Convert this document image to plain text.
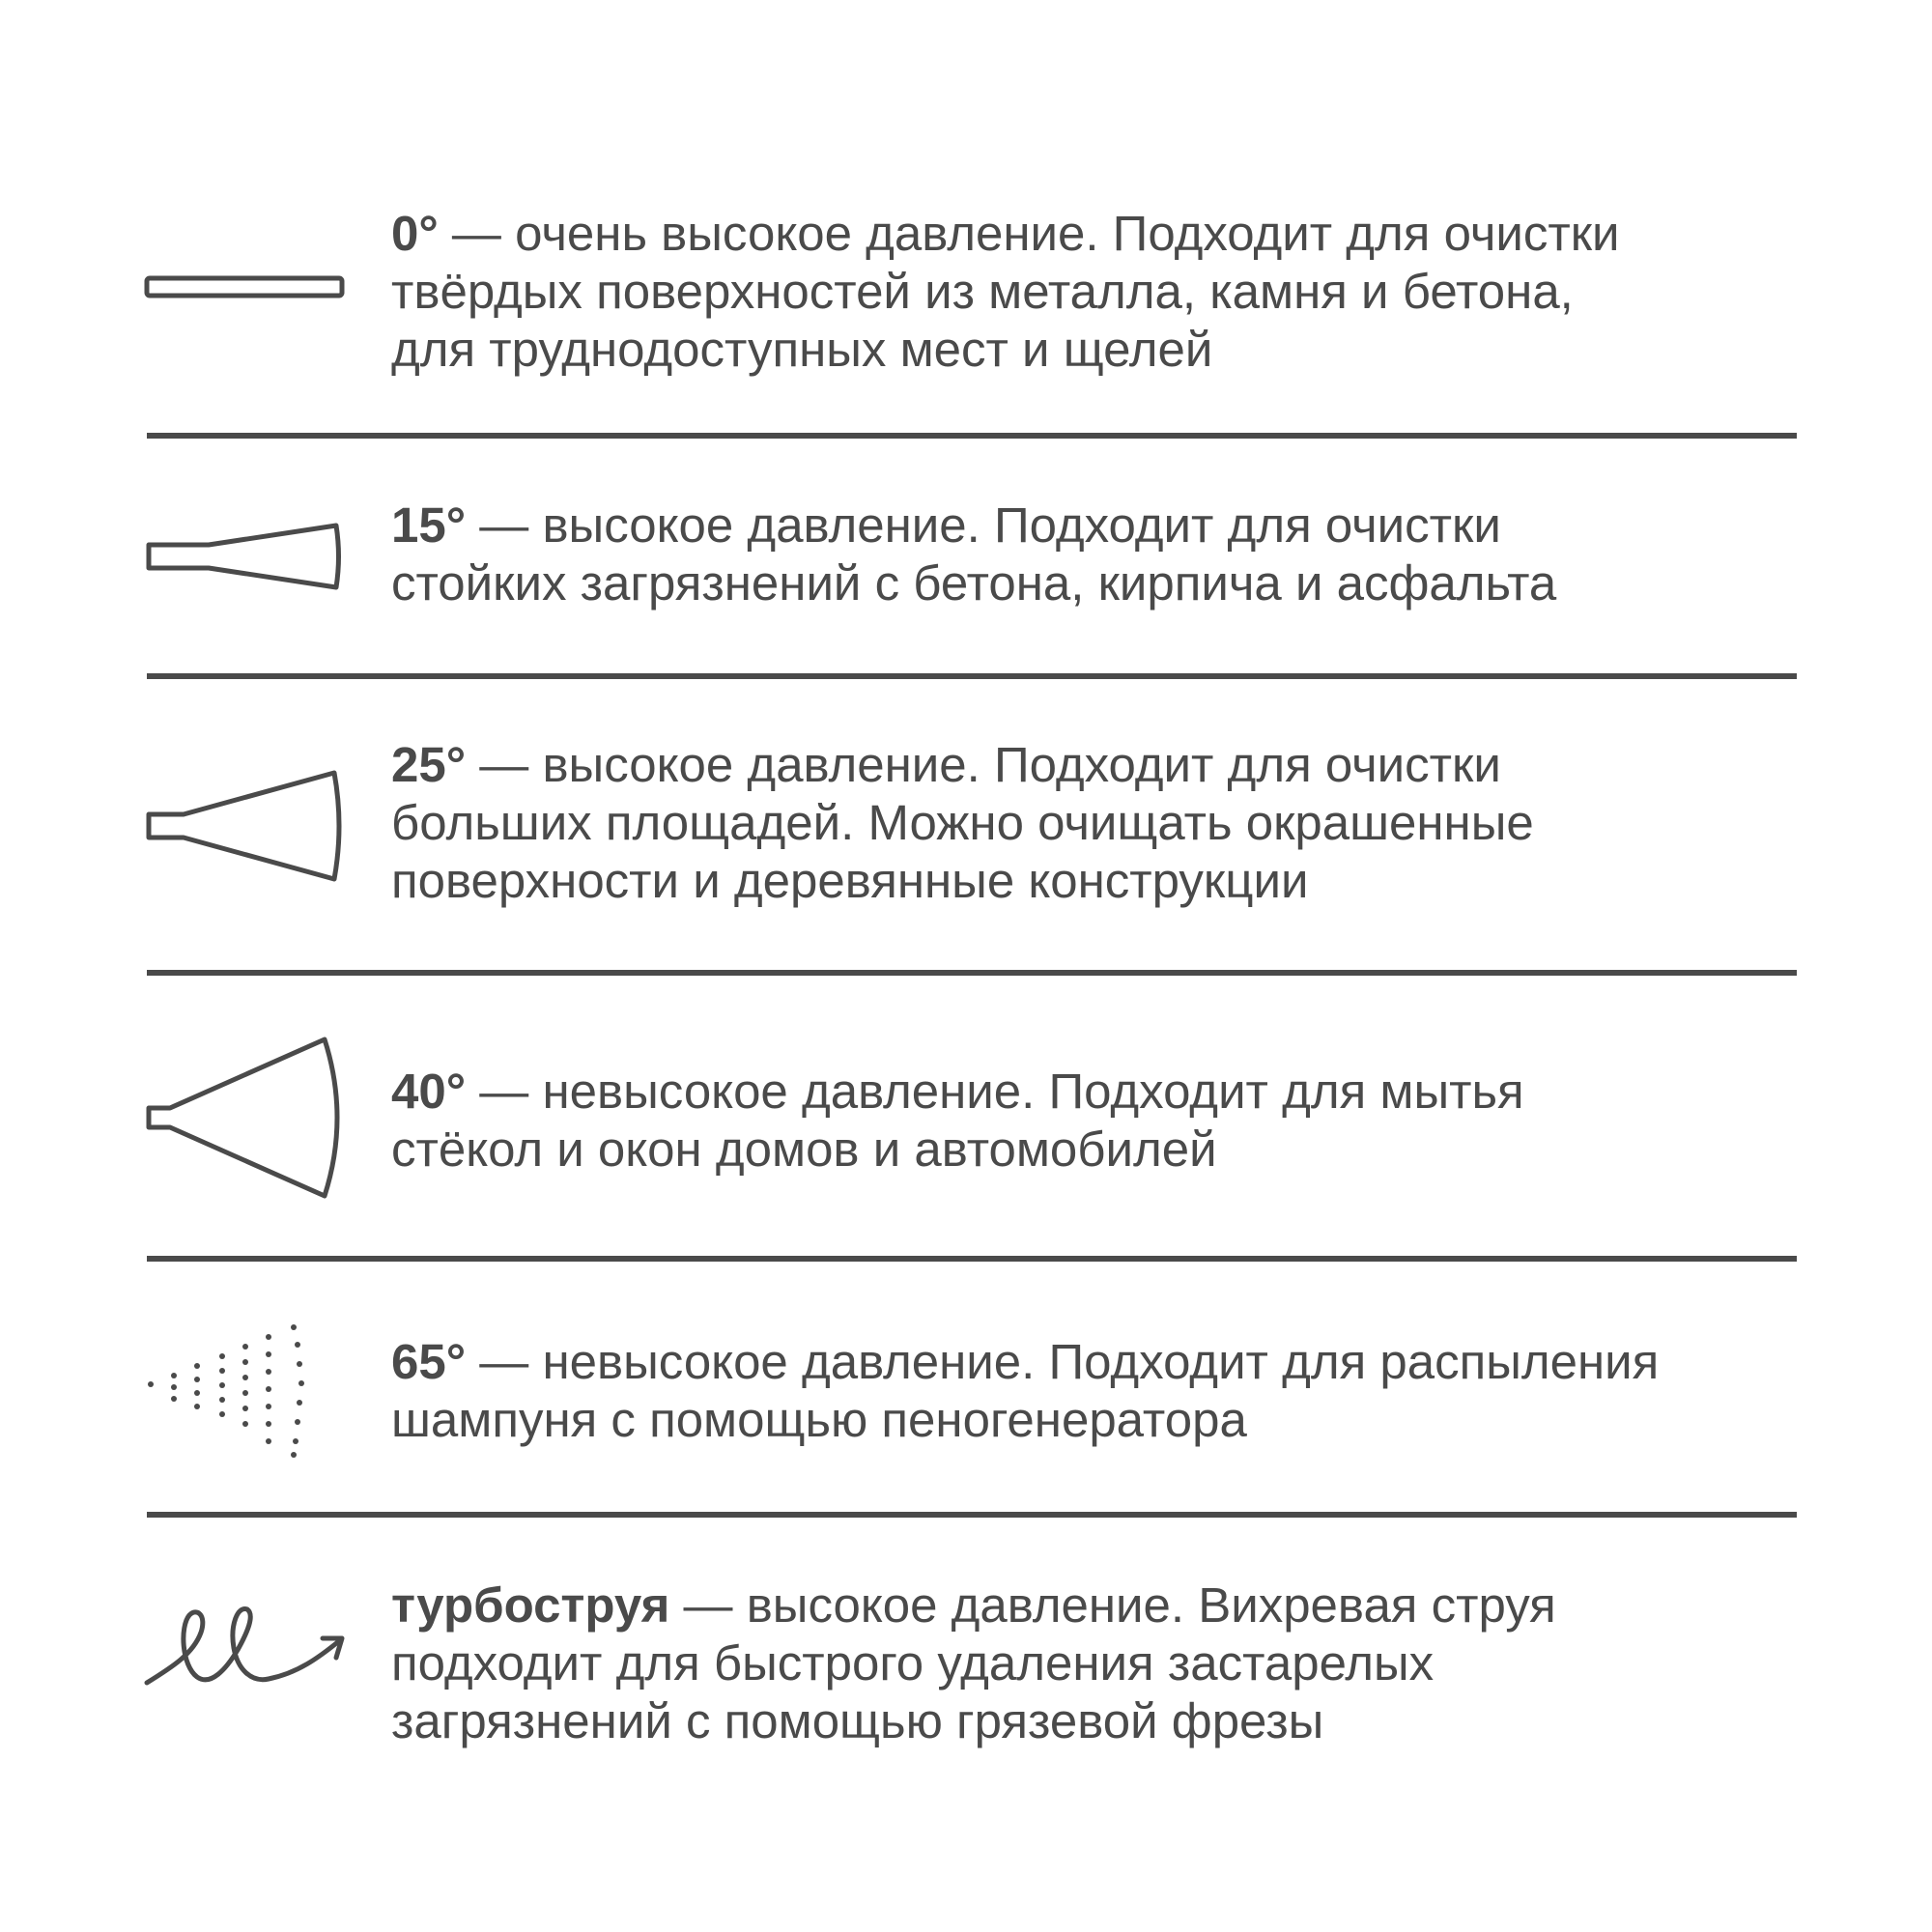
0° — очень высокое давление. Подходит для очистки
твёрдых поверхностей из металла, камня и бетона,
для труднодоступных мест и щелей
15° — высокое давление. Подходит для очистки
стойких загрязнений с бетона, кирпича и асфальта
25° — высокое давление. Подходит для очистки
больших площадей. Можно очищать окрашенные
поверхности и деревянные конструкции
40° — невысокое давление. Подходит для мытья
стёкол и окон домов и автомобилей
65° — невысокое давление. Подходит для распыления
шампуня с помощью пеногенератора
турбоструя — высокое давление. Вихревая струя
подходит для быстрого удаления застарелых
загрязнений с помощью грязевой фрезы
